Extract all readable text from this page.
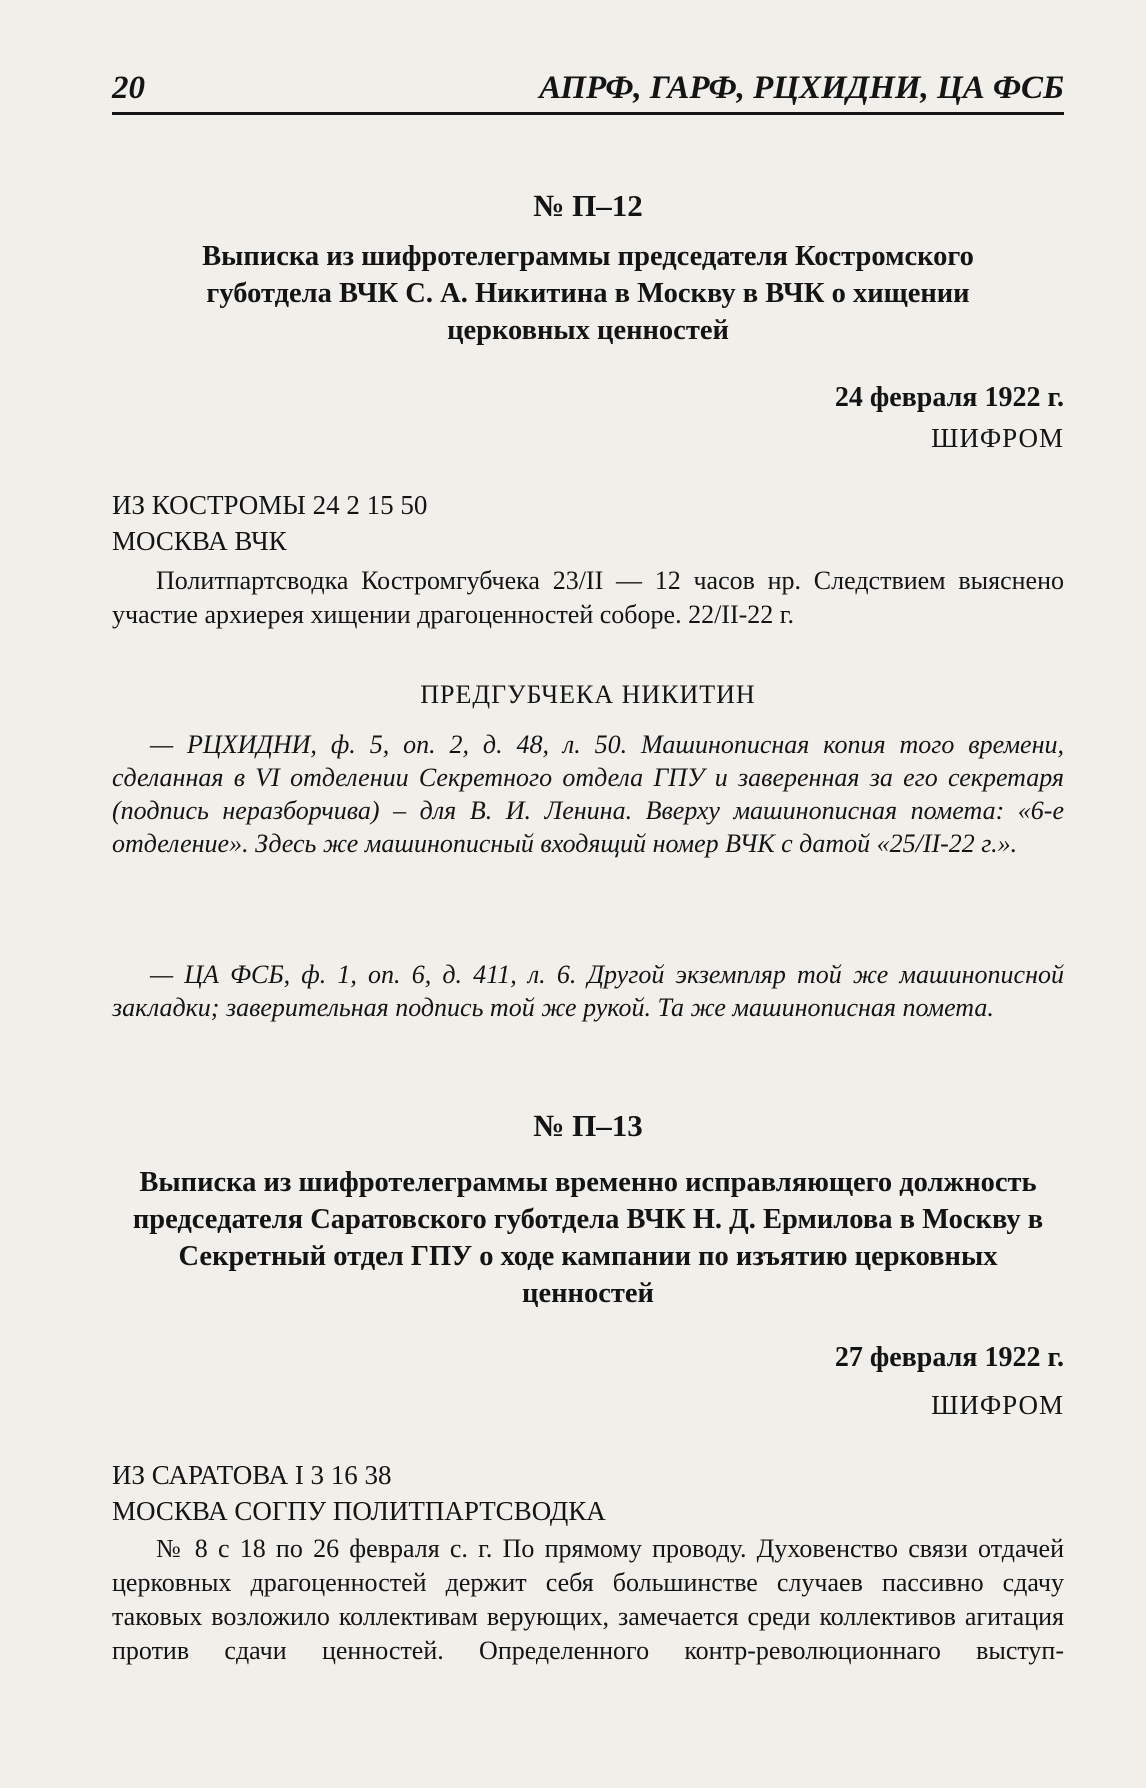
20	АПРФ, ГАРФ, РЦХИДНИ, ЦА ФСБ
№ П–12
Выписка из шифротелеграммы председателя Костромского губотдела ВЧК С. А. Никитина в Москву в ВЧК о хищении церковных ценностей
24 февраля 1922 г.
ШИФРОМ
ИЗ КОСТРОМЫ 24 2 15 50
МОСКВА ВЧК
Политпартсводка Костромгубчека 23/II — 12 часов нр. Следствием выяснено участие архиерея хищении драгоценностей соборе. 22/II-22 г.
ПРЕДГУБЧЕКА НИКИТИН
— РЦХИДНИ, ф. 5, оп. 2, д. 48, л. 50. Машинописная копия того времени, сделанная в VI отделении Секретного отдела ГПУ и заверенная за его секретаря (подпись неразборчива) – для В. И. Ленина. Вверху машинописная помета: «6-е отделение». Здесь же машинописный входящий номер ВЧК с датой «25/II-22 г.».
— ЦА ФСБ, ф. 1, оп. 6, д. 411, л. 6. Другой экземпляр той же машинописной закладки; заверительная подпись той же рукой. Та же машинописная помета.
№ П–13
Выписка из шифротелеграммы временно исправляющего должность председателя Саратовского губотдела ВЧК Н. Д. Ермилова в Москву в Секретный отдел ГПУ о ходе кампании по изъятию церковных ценностей
27 февраля 1922 г.
ШИФРОМ
ИЗ САРАТОВА I 3 16 38
МОСКВА СОГПУ ПОЛИТПАРТСВОДКА
№ 8 с 18 по 26 февраля с. г. По прямому проводу. Духовенство связи отдачей церковных драгоценностей держит себя большинстве случаев пассивно сдачу таковых возложило коллективам верующих, замечается среди коллективов агитация против сдачи ценностей. Определенного контр-революционнаго выступ-
